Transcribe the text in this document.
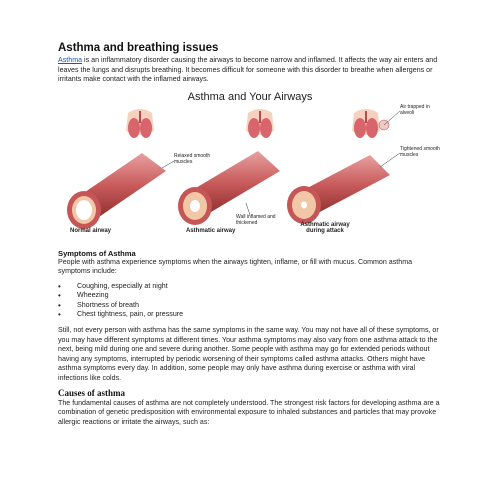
Asthma and breathing issues

Asthma is an inflammatory disorder causing the airways to become narrow and inflamed. It affects the way air enters and leaves the lungs and disrupts breathing. It becomes difficult for someone with this disorder to breathe when allergens or irritants make contact with the inflamed airways.

Asthma and Your Airways
Relaxed smooth muscles
Air trapped in alveoli
Tightened smooth muscles
Wall inflamed and thickened
Normal airway	Asthmatic airway
Asthmatic airway during attack
Symptoms of Asthma

People with asthma experience symptoms when the airways tighten, inflame, or fill with mucus. Common asthma symptoms include:

• Coughing, especially at night
• Wheezing
• Shortness of breath
• Chest tightness, pain, or pressure

Still, not every person with asthma has the same symptoms in the same way. You may not have all of these symptoms, or you may have different symptoms at different times. Your asthma symptoms may also vary from one asthma attack to the next, being mild during one and severe during another. Some people with asthma may go for extended periods without having any symptoms, interrupted by periodic worsening of their symptoms called asthma attacks. Others might have asthma symptoms every day. In addition, some people may only have asthma during exercise or asthma with viral infections like colds.

Causes of asthma

The fundamental causes of asthma are not completely understood. The strongest risk factors for developing asthma are a combination of genetic predisposition with environmental exposure to inhaled substances and particles that may provoke allergic reactions or irritate the airways, such as:
